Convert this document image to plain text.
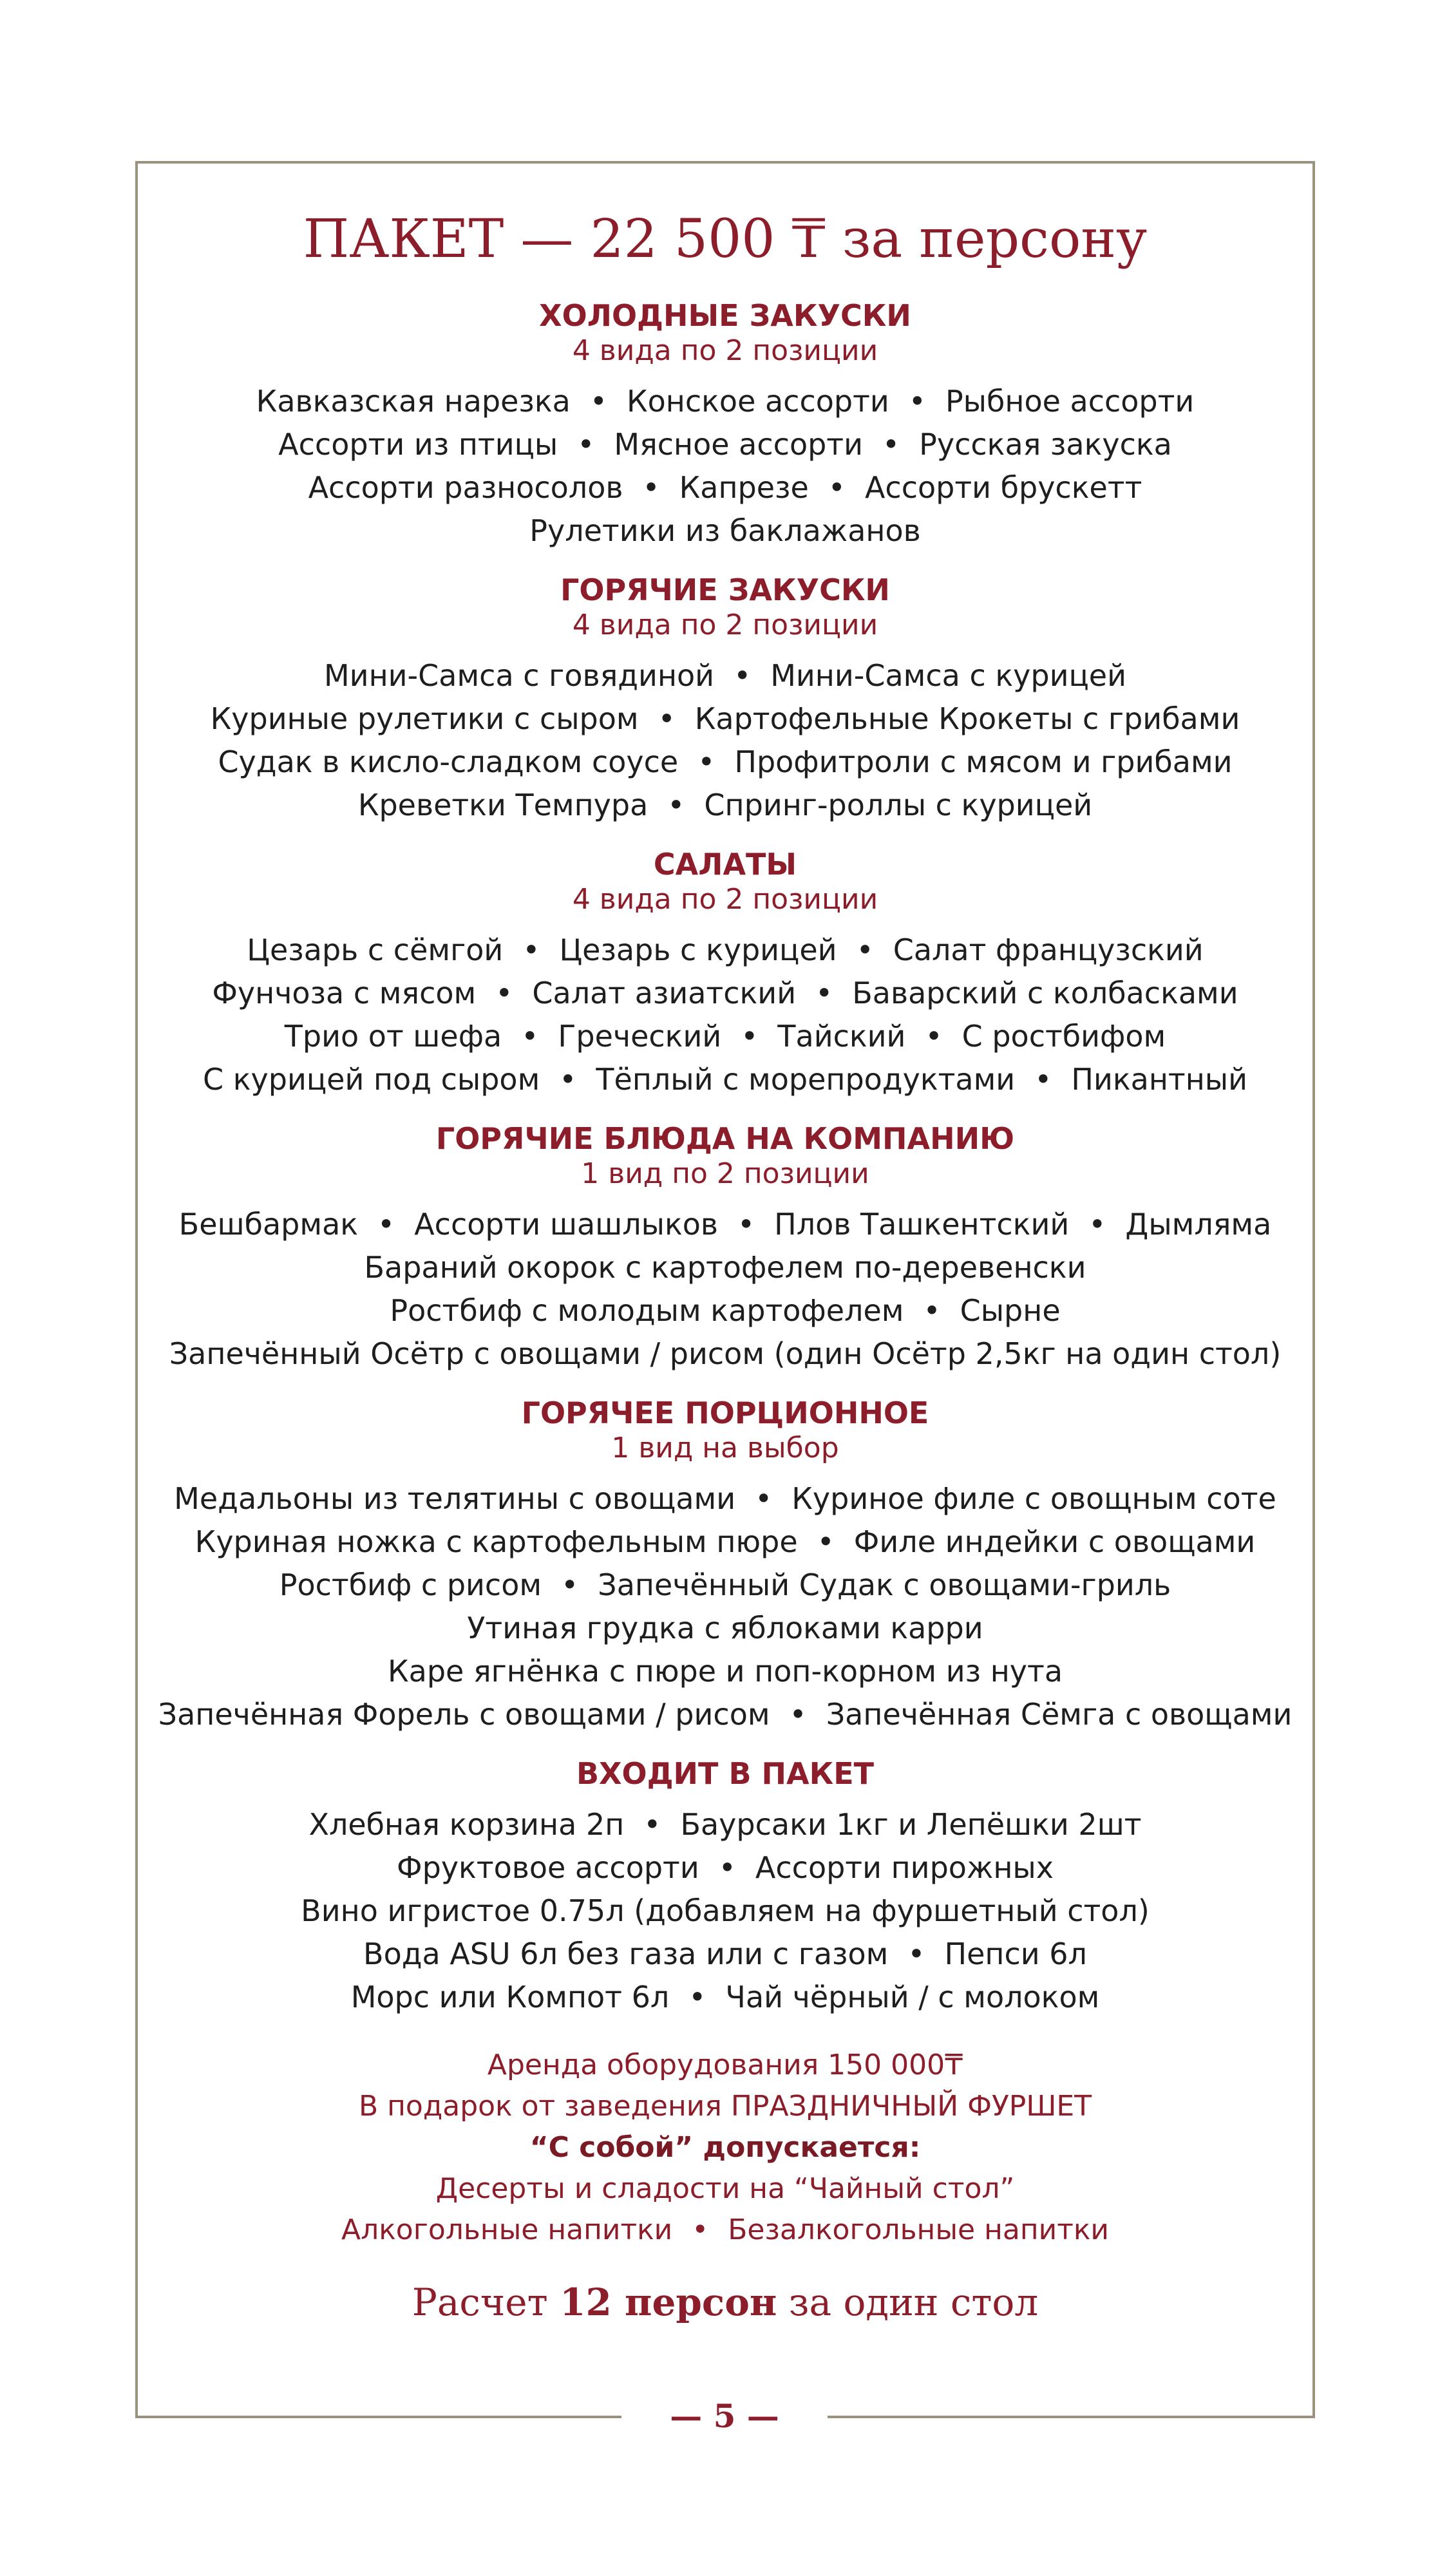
— 5 —
ПАКЕТ — 22 500 ₸ за персону
ХОЛОДНЫЕ ЗАКУСКИ
4 вида по 2 позиции
Кавказская нарезка • Конское ассорти • Рыбное ассорти
Ассорти из птицы • Мясное ассорти • Русская закуска
Ассорти разносолов • Капрезе • Ассорти брускетт
Рулетики из баклажанов
ГОРЯЧИЕ ЗАКУСКИ
4 вида по 2 позиции
Мини-Самса с говядиной • Мини-Самса с курицей
Куриные рулетики с сыром • Картофельные Крокеты с грибами
Судак в кисло-сладком соусе • Профитроли с мясом и грибами
Креветки Темпура • Спринг-роллы с курицей
САЛАТЫ
4 вида по 2 позиции
Цезарь с сёмгой • Цезарь с курицей • Салат французский
Фунчоза с мясом • Салат азиатский • Баварский с колбасками
Трио от шефа • Греческий • Тайский • С ростбифом
С курицей под сыром • Тёплый с морепродуктами • Пикантный
ГОРЯЧИЕ БЛЮДА НА КОМПАНИЮ
1 вид по 2 позиции
Бешбармак • Ассорти шашлыков • Плов Ташкентский • Дымляма
Бараний окорок с картофелем по-деревенски
Ростбиф с молодым картофелем • Сырне
Запечённый Осётр с овощами / рисом (один Осётр 2,5кг на один стол)
ГОРЯЧЕЕ ПОРЦИОННОЕ
1 вид на выбор
Медальоны из телятины с овощами • Куриное филе с овощным соте
Куриная ножка с картофельным пюре • Филе индейки с овощами
Ростбиф с рисом • Запечённый Судак с овощами-гриль
Утиная грудка с яблоками карри
Каре ягнёнка с пюре и поп-корном из нута
Запечённая Форель с овощами / рисом • Запечённая Сёмга с овощами
ВХОДИТ В ПАКЕТ
Хлебная корзина 2п • Баурсаки 1кг и Лепёшки 2шт
Фруктовое ассорти • Ассорти пирожных
Вино игристое 0.75л (добавляем на фуршетный стол)
Вода ASU 6л без газа или с газом • Пепси 6л
Морс или Компот 6л • Чай чёрный / с молоком
Аренда оборудования 150 000₸
В подарок от заведения ПРАЗДНИЧНЫЙ ФУРШЕТ
“С собой” допускается:
Десерты и сладости на “Чайный стол”
Алкогольные напитки • Безалкогольные напитки
Расчет 12 персон за один стол
